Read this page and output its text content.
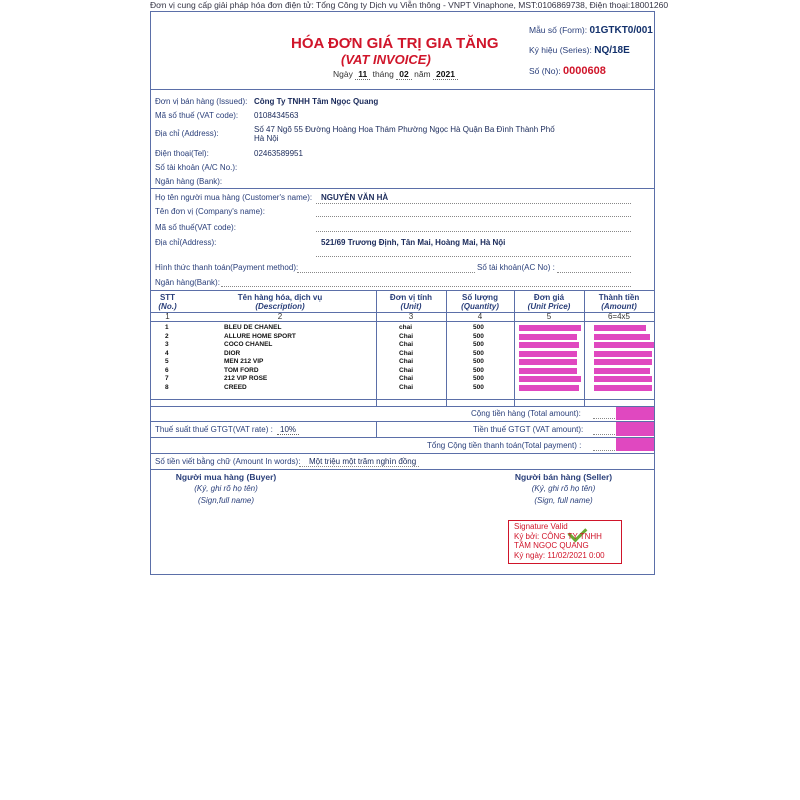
Đơn vị cung cấp giải pháp hóa đơn điện tử: Tổng Công ty Dịch vụ Viễn thông - VNPT Vinaphone, MST:0106869738, Điện thoại:18001260
HÓA ĐƠN GIÁ TRỊ GIA TĂNG
(VAT INVOICE)
Ngày 11 tháng 02 năm 2021
Mẫu số (Form): 01GTKT0/001
Ký hiệu (Series): NQ/18E
Số (No): 0000608
Đơn vị bán hàng (Issued): Công Ty TNHH Tâm Ngọc Quang
Mã số thuế (VAT code): 0108434563
Địa chỉ (Address):	Số 47 Ngõ 55 Đường Hoàng Hoa Thám Phường Ngọc Hà Quận Ba Đình Thành Phố
Hà Nội
Điện thoại(Tel):	02463589951
Số tài khoản (A/C No.):
Ngân hàng (Bank):
Họ tên người mua hàng (Customer's name): NGUYỄN VĂN HÀ
Tên đơn vị (Company's name):
Mã số thuế(VAT code):
Địa chỉ(Address):	521/69 Trương Định, Tân Mai, Hoàng Mai, Hà Nội
Hình thức thanh toán(Payment method):	Số tài khoản(AC No) :
Ngân hàng(Bank):
STT
(No.)
Tên hàng hóa, dịch vụ
(Description)
Đơn vị tính
(Unit)
Số lượng
(Quantity)
Đơn giá
(Unit Price)
Thành tiền
(Amount)
1	2	3	4	5	6=4x5
1	BLEU DE CHANEL	chai	500
2	ALLURE HOME SPORT	Chai	500
3	COCO CHANEL	Chai	500
4	DIOR	Chai	500
5	MEN 212 VIP	Chai	500
6	TOM FORD	Chai	500
7	212 VIP ROSE	Chai	500
8	CREED	Chai	500
Cộng tiền hàng (Total amount):
Thuế suất thuế GTGT(VAT rate) : 10%	Tiền thuế GTGT (VAT amount):
Tổng Cộng tiền thanh toán(Total payment) :
Số tiền viết bằng chữ (Amount In words): Một triệu một trăm nghìn đồng
Người mua hàng (Buyer)
(Ký, ghi rõ họ tên)
(Sign,full name)
Người bán hàng (Seller)
(Ký, ghi rõ họ tên)
(Sign, full name)
Signature Valid
Ký bởi: CÔNG TY TNHH
TÂM NGỌC QUANG
Ký ngày: 11/02/2021 0:00
